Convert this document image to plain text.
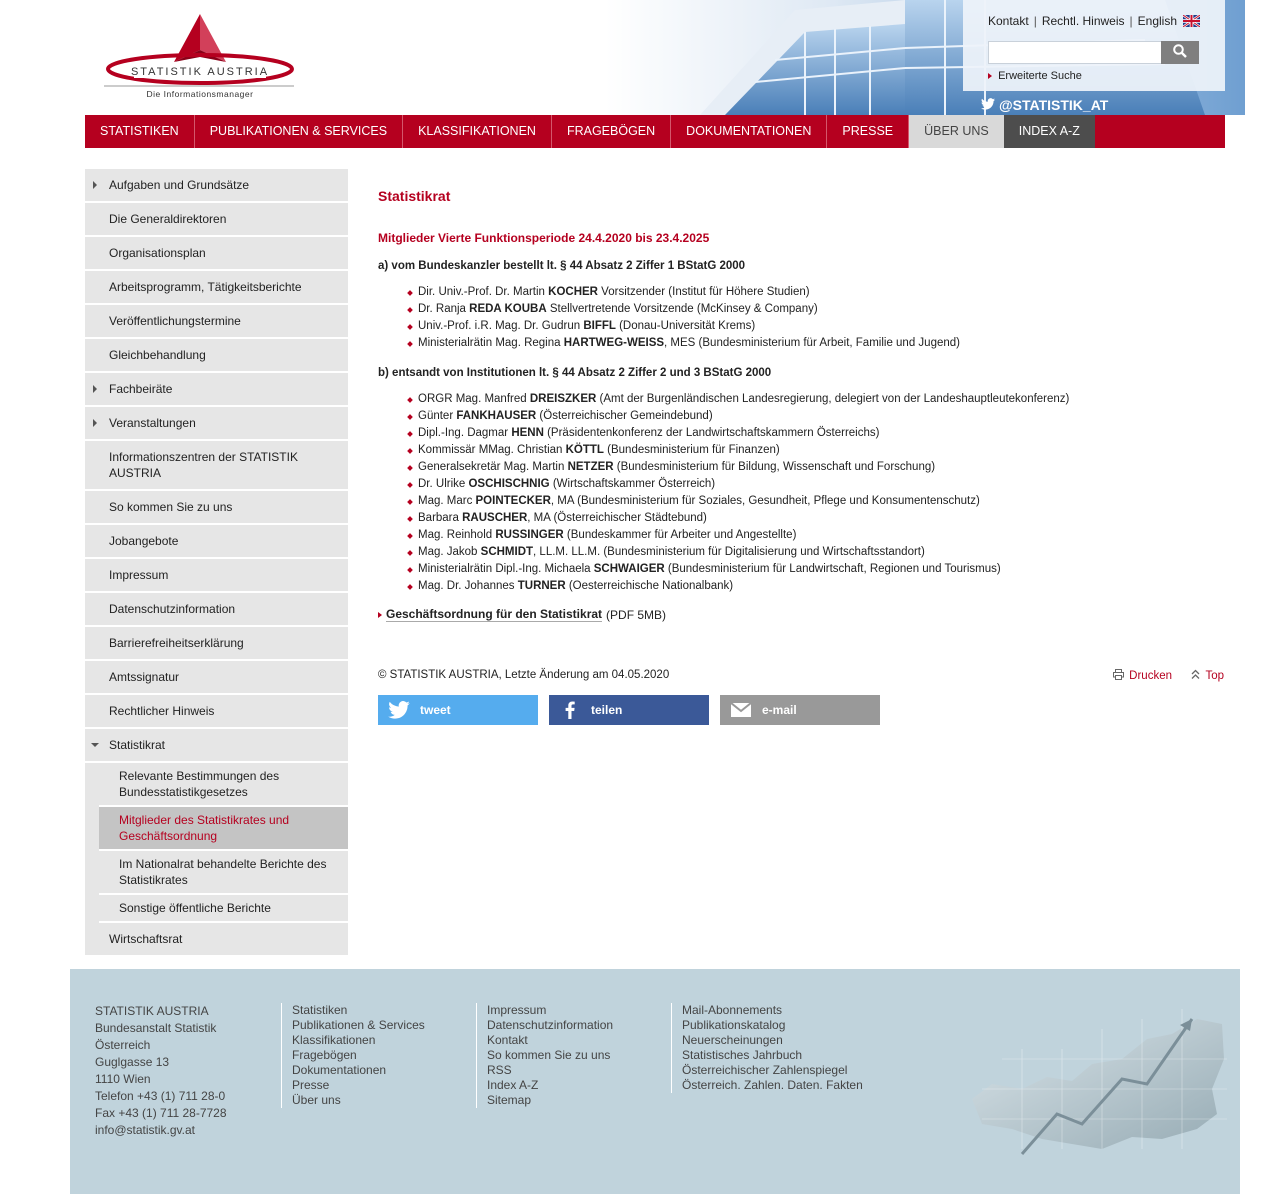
STATISTIK AUSTRIA
Die Informationsmanager
Kontakt | Rechtl. Hinweis | English
Erweiterte Suche
@STATISTIK_AT
STATISTIKEN	PUBLIKATIONEN & SERVICES	KLASSIFIKATIONEN	FRAGEBÖGEN	DOKUMENTATIONEN	PRESSE	ÜBER UNS	INDEX A-Z
Aufgaben und Grundsätze
Die Generaldirektoren
Organisationsplan
Arbeitsprogramm, Tätigkeitsberichte
Veröffentlichungstermine
Gleichbehandlung
Fachbeiräte
Veranstaltungen
Informationszentren der STATISTIK AUSTRIA
So kommen Sie zu uns
Jobangebote
Impressum
Datenschutzinformation
Barrierefreiheitserklärung
Amtssignatur
Rechtlicher Hinweis
Statistikrat
Relevante Bestimmungen des Bundesstatistikgesetzes
Mitglieder des Statistikrates und Geschäftsordnung
Im Nationalrat behandelte Berichte des Statistikrates
Sonstige öffentliche Berichte
Wirtschaftsrat
Statistikrat
Mitglieder Vierte Funktionsperiode 24.4.2020 bis 23.4.2025
a) vom Bundeskanzler bestellt lt. § 44 Absatz 2 Ziffer 1 BStatG 2000
Dir. Univ.-Prof. Dr. Martin KOCHER Vorsitzender (Institut für Höhere Studien)
Dr. Ranja REDA KOUBA Stellvertretende Vorsitzende (McKinsey & Company)
Univ.-Prof. i.R. Mag. Dr. Gudrun BIFFL (Donau-Universität Krems)
Ministerialrätin Mag. Regina HARTWEG-WEISS, MES (Bundesministerium für Arbeit, Familie und Jugend)
b) entsandt von Institutionen lt. § 44 Absatz 2 Ziffer 2 und 3 BStatG 2000
ORGR Mag. Manfred DREISZKER (Amt der Burgenländischen Landesregierung, delegiert von der Landeshauptleutekonferenz)
Günter FANKHAUSER (Österreichischer Gemeindebund)
Dipl.-Ing. Dagmar HENN (Präsidentenkonferenz der Landwirtschaftskammern Österreichs)
Kommissär MMag. Christian KÖTTL (Bundesministerium für Finanzen)
Generalsekretär Mag. Martin NETZER (Bundesministerium für Bildung, Wissenschaft und Forschung)
Dr. Ulrike OSCHISCHNIG (Wirtschaftskammer Österreich)
Mag. Marc POINTECKER, MA (Bundesministerium für Soziales, Gesundheit, Pflege und Konsumentenschutz)
Barbara RAUSCHER, MA (Österreichischer Städtebund)
Mag. Reinhold RUSSINGER (Bundeskammer für Arbeiter und Angestellte)
Mag. Jakob SCHMIDT, LL.M. LL.M. (Bundesministerium für Digitalisierung und Wirtschaftsstandort)
Ministerialrätin Dipl.-Ing. Michaela SCHWAIGER (Bundesministerium für Landwirtschaft, Regionen und Tourismus)
Mag. Dr. Johannes TURNER (Oesterreichische Nationalbank)
Geschäftsordnung für den Statistikrat (PDF 5MB)
© STATISTIK AUSTRIA, Letzte Änderung am 04.05.2020	Drucken	Top
tweet	teilen	e-mail
STATISTIK AUSTRIA
Bundesanstalt Statistik
Österreich
Guglgasse 13
1110 Wien
Telefon +43 (1) 711 28-0
Fax +43 (1) 711 28-7728
info@statistik.gv.at
Statistiken
Publikationen & Services
Klassifikationen
Fragebögen
Dokumentationen
Presse
Über uns
Impressum
Datenschutzinformation
Kontakt
So kommen Sie zu uns
RSS
Index A-Z
Sitemap
Mail-Abonnements
Publikationskatalog
Neuerscheinungen
Statistisches Jahrbuch
Österreichischer Zahlenspiegel
Österreich. Zahlen. Daten. Fakten
